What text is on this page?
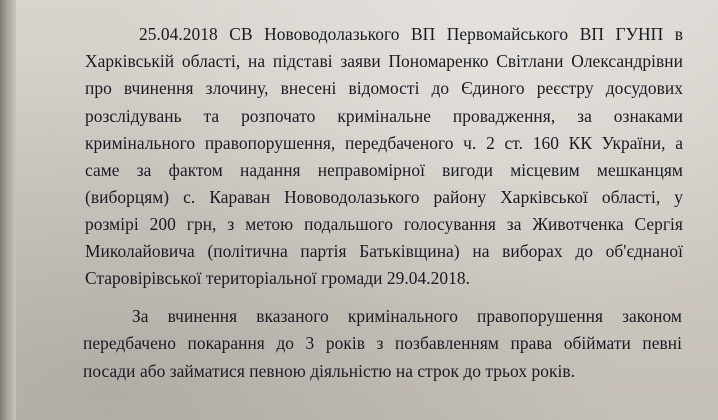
25.04.2018 СВ Нововодолазького ВП Первомайського ВП ГУНП в

Харківській області, на підставі заяви Пономаренко Світлани Олександрівни

про вчинення злочину, внесені відомості до Єдиного реєстру досудових

розслідувань та розпочато кримінальне провадження, за ознаками

кримінального правопорушення, передбаченого ч. 2 ст. 160 КК України, а

саме за фактом надання неправомірної вигоди місцевим мешканцям

(виборцям) с. Караван Нововодолазького району Харківської області, у

розмірі 200 грн, з метою подальшого голосування за Животченка Сергія

Миколайовича (політична партія Батьківщина) на виборах до об'єднаної

Старовірівської територіальної громади 29.04.2018.

За вчинення вказаного кримінального правопорушення законом

передбачено покарання до 3 років з позбавленням права обіймати певні

посади або займатися певною діяльністю на строк до трьох років.
